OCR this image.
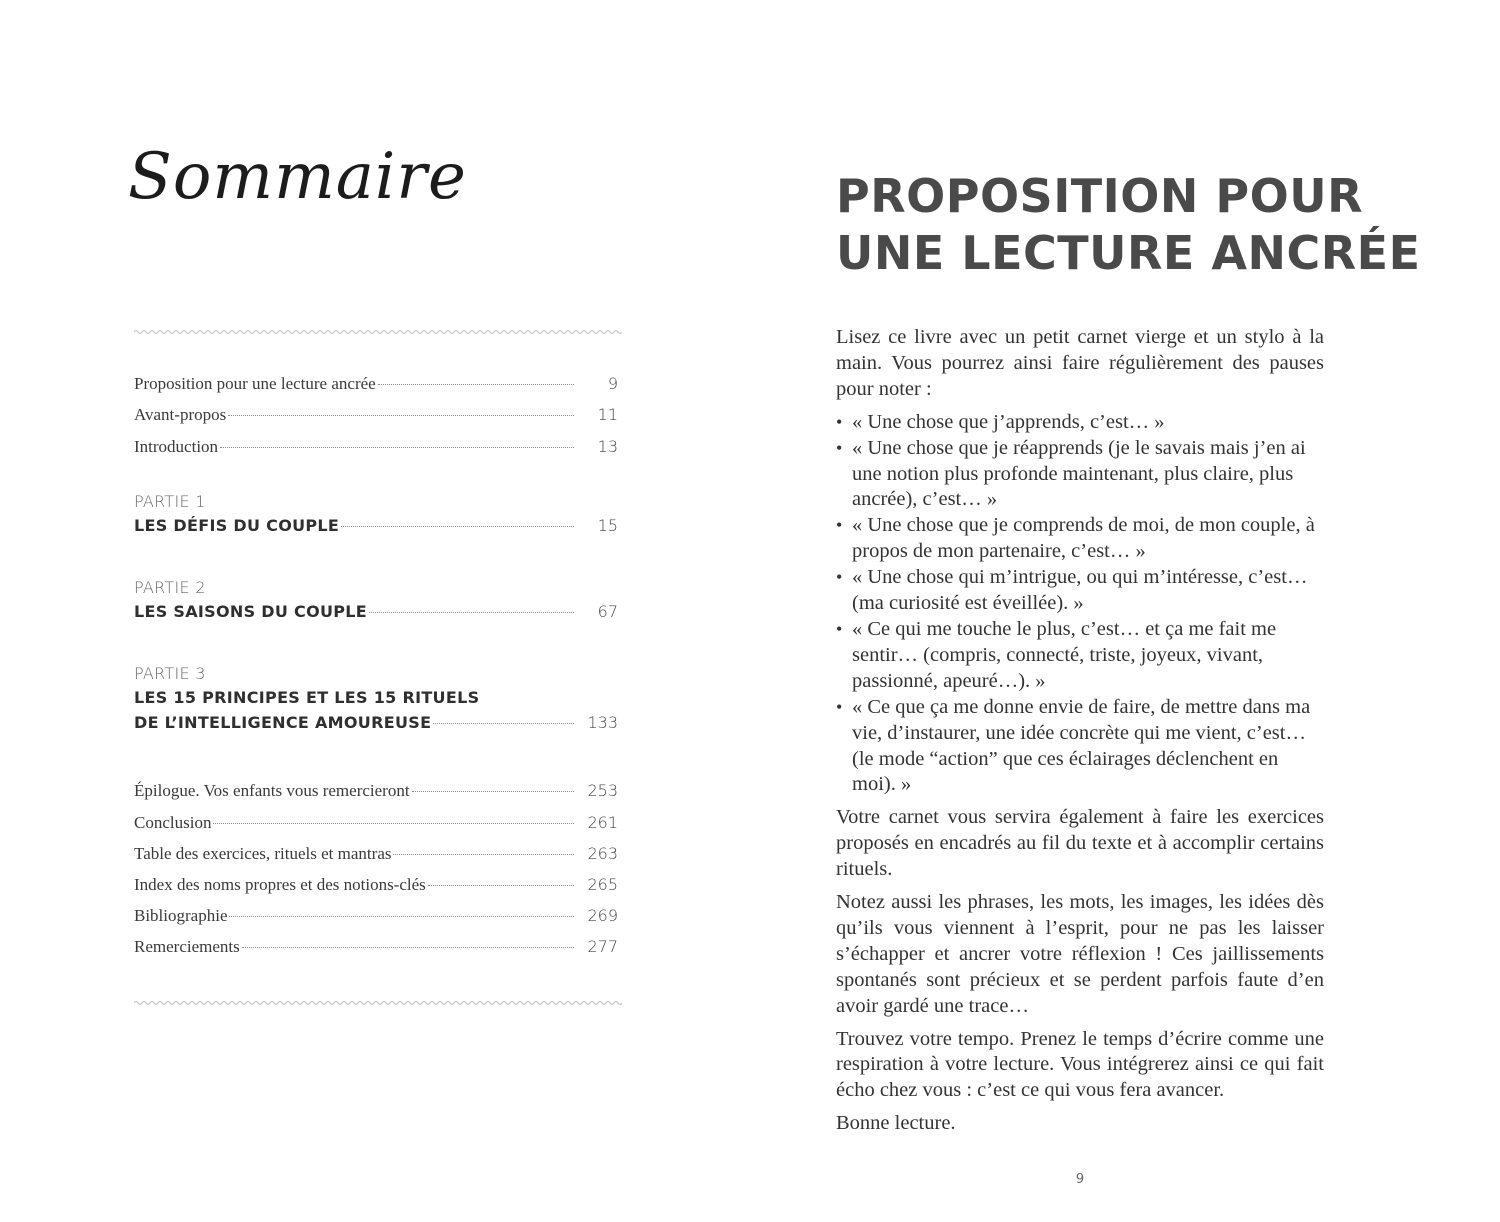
Sommaire
Proposition pour une lecture ancrée	9
Avant-propos	11
Introduction	13
PARTIE 1
LES DÉFIS DU COUPLE	15
PARTIE 2
LES SAISONS DU COUPLE	67
PARTIE 3
LES 15 PRINCIPES ET LES 15 RITUELS
DE L’INTELLIGENCE AMOUREUSE	133
Épilogue. Vos enfants vous remercieront	253
Conclusion	261
Table des exercices, rituels et mantras	263
Index des noms propres et des notions-clés	265
Bibliographie	269
Remerciements	277
PROPOSITION POUR
UNE LECTURE ANCRÉE

Lisez ce livre avec un petit carnet vierge et un stylo à la main. Vous pourrez ainsi faire régulièrement des pauses pour noter :

• « Une chose que j’apprends, c’est… »
• « Une chose que je réapprends (je le savais mais j’en ai une notion plus profonde maintenant, plus claire, plus ancrée), c’est… »
• « Une chose que je comprends de moi, de mon couple, à propos de mon partenaire, c’est… »
• « Une chose qui m’intrigue, ou qui m’intéresse, c’est… (ma curiosité est éveillée). »
• « Ce qui me touche le plus, c’est… et ça me fait me sentir… (compris, connecté, triste, joyeux, vivant, passionné, apeuré…). »
• « Ce que ça me donne envie de faire, de mettre dans ma vie, d’instaurer, une idée concrète qui me vient, c’est… (le mode “action” que ces éclairages déclenchent en moi). »

Votre carnet vous servira également à faire les exercices proposés en encadrés au fil du texte et à accomplir certains rituels.

Notez aussi les phrases, les mots, les images, les idées dès qu’ils vous viennent à l’esprit, pour ne pas les laisser s’échapper et ancrer votre réflexion ! Ces jaillissements spontanés sont précieux et se perdent parfois faute d’en avoir gardé une trace…

Trouvez votre tempo. Prenez le temps d’écrire comme une respiration à votre lecture. Vous intégrerez ainsi ce qui fait écho chez vous : c’est ce qui vous fera avancer.

Bonne lecture.

9
